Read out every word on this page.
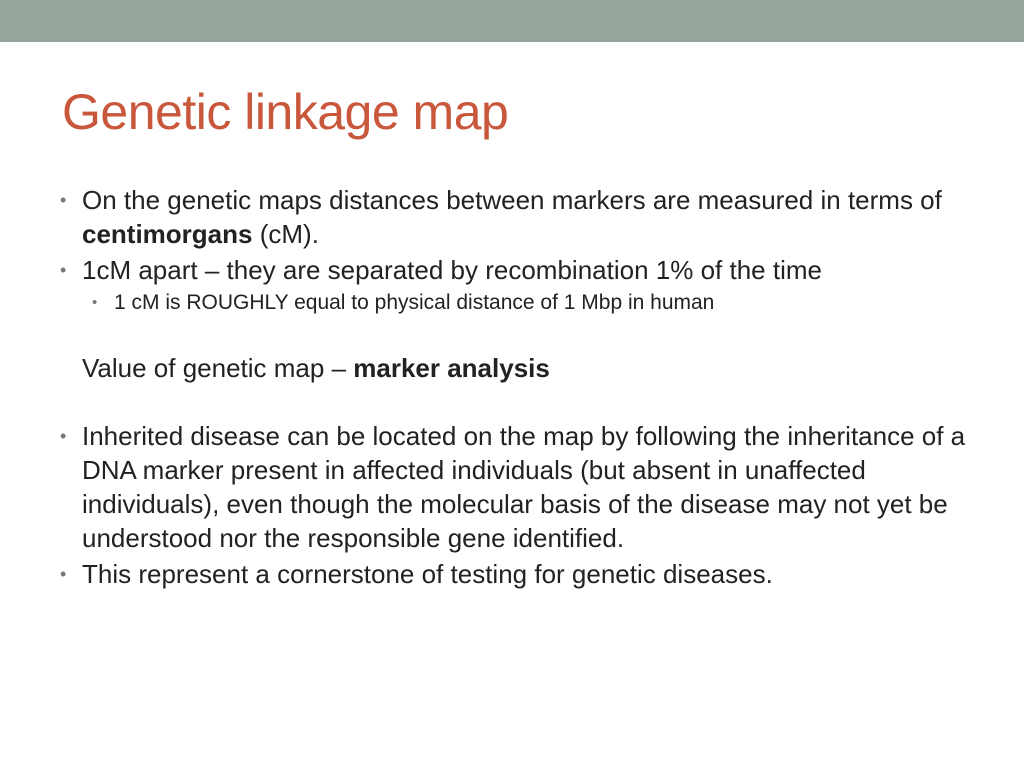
Genetic linkage map
• On the genetic maps distances between markers are measured in terms of centimorgans (cM).
• 1cM apart – they are separated by recombination 1% of the time
• 1 cM is ROUGHLY equal to physical distance of 1 Mbp in human
Value of genetic map – marker analysis
• Inherited disease can be located on the map by following the inheritance of a DNA marker present in affected individuals (but absent in unaffected individuals), even though the molecular basis of the disease may not yet be understood nor the responsible gene identified.
• This represent a cornerstone of testing for genetic diseases.
